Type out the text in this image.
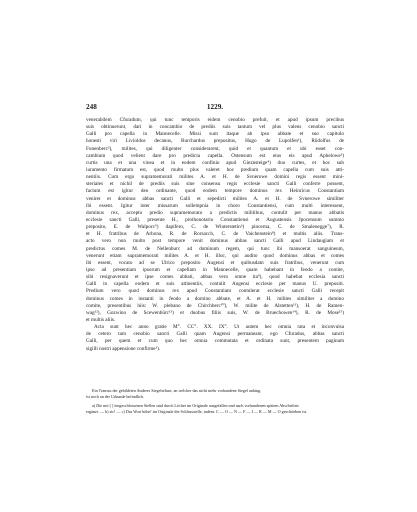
248	1229.
venerabilem Cfuradum, qui tunc temporis eidem cenobio prefuit, et apud ipsum precibus
suis obtinuerunt, dari in concambio de prediis suis tantum vel plus valens cenobio sancti
Galli pro capella in Mannecelle. Missi sunt itaque ab ipso abbate et suo capitulo
honesti viri Livioldus decanus, Burchardus prepositus, Hugo de Lupolfen¹), Rŏdolfus de
Fonenberc²), milites, qui diligenter considerarent, quid et quantum et ubi esset con-
cambium quod velient dare pro predicta capella. Ostensum est eius eis apud Aphelowe³)
curtis una et una vinea et in eodem confinio apud Gieznsteige⁴) duo curtes, et hoc sub
iuramento firmatum est, quod multo plus valeret hoc predium quam capella cum suis atti-
nentiis. Cum ergo supramemorati milites A. et H. de Svnerowe domini regis essent mini-
steriales et nichil de prediis suis sine consensu regis ecclesie sancti Galli conferre possent,
factum est igitur deo ordinante, quod eodem tempore dominus rex Heinricus Constantiam
veniret et dominus abbas sancti Galli et sepedicti milites A. et H. de Svnerowe similiter
ibi essent. Igitur inter missarum sollempnia in choro Constantiensi, cum multi interessent,
dominus rex, accepto predio supramemorato a predictis militibus, contulit per manus abbatis
ecclesie sancti Galli, presente H., prothonotario Constantiensi et Augustensis Jpocensum summo
preposito, E. de Walporc⁵) dapifero, C. de Winterstetin⁶) pincerna, C. de Smalenegge⁷), R.
et H. fratribus de Arbona, R. de Rorsacch, C. de Vaichenstein⁸) et multis aliis. Trans-
acto vero non multo post tempore venit dominus abbas sancti Galli apud Lindaugiam et
predictus comes M. de Nellenburc ad dominum regem, qui tunc ibi mansoerat sanguineum,
venerunt etiam supramemorati milites A. et H. illuc, qui audito quod dominus abbas et comes
ibi essent, vocato ad se Ŭlrico preposito Augensi et quibusdam suis fratribus, venerunt cum
ipso ad presentiam ipsorum et capellam in Mannecelle, quam habebant in feodo a comite,
sibi resignaverunt et ipse comes abbati, abbas vero omne ita⁹), quod habebat ecclesia sancti
Galli in capella eodem et suis attinentiis, contulit Augensi ecclesie per manus Ŭ. prepositi.
Predium vero quod dominus rex apud Constantiam contulerat ecclesie sancti Galli recepit
dominus comes in instanti in feodo a domino abbate, et A. et H. milites similiter a domino
comite, presentibus hiis: W. plebano de Chirchberc¹⁰), W. milite de Alstetten¹¹), H. de Ramen-
wag¹²), Gozwino de Scewenbürc¹³) et duobus filiis suis, W. de Bruechowen¹⁴), R. de Mose¹⁵)
et multis aliis.
Acta sunt hec anno gratie M°. CC°. XX. IX°. Ut autem hec omnia rata et inconvulsa
de cetero tam cenobio sancti Galli quam Augensi permaneant, ego Cfuradus, abbas sancti
Galli, per quem et cum quo hec omnia commutata et ordinata sunt, presentem paginam
sigilli nostri appensione confirme¹).
Ein Transsu der gebildeten Anderes Siegelsehurr, an welcher das nicht mehr vorhandene Siegel anhing,
ist noch an der Urkunde befindlich.
a) Die mit [ ] eingeschlossenen Stellen sind durch Löcher im Originale ausgefallen und nach vorhandenen spätern Abschriften
ergänzt. — b) sic! — c) Das Wort höhe! im Originale die Schlussstelle, indem: C — O — N — F — I — R — M — O geschrieben ist.
